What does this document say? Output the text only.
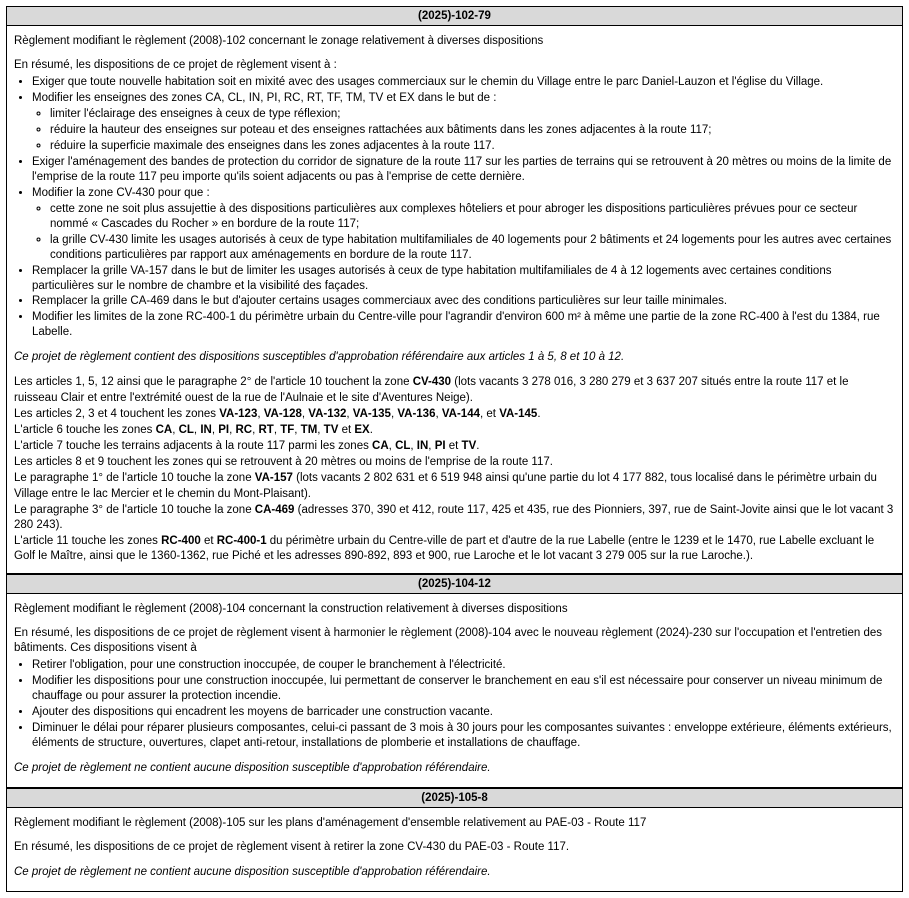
(2025)-102-79

Règlement modifiant le règlement (2008)-102 concernant le zonage relativement à diverses dispositions

En résumé, les dispositions de ce projet de règlement visent à :

• Exiger que toute nouvelle habitation soit en mixité avec des usages commerciaux sur le chemin du Village entre le parc Daniel-Lauzon et l'église du Village.
• Modifier les enseignes des zones CA, CL, IN, PI, RC, RT, TF, TM, TV et EX dans le but de :
◦ limiter l'éclairage des enseignes à ceux de type réflexion;
◦ réduire la hauteur des enseignes sur poteau et des enseignes rattachées aux bâtiments dans les zones adjacentes à la route 117;
◦ réduire la superficie maximale des enseignes dans les zones adjacentes à la route 117.
• Exiger l'aménagement des bandes de protection du corridor de signature de la route 117 sur les parties de terrains qui se retrouvent à 20 mètres ou moins de la limite de l'emprise de la route 117 peu importe qu'ils soient adjacents ou pas à l'emprise de cette dernière.
• Modifier la zone CV-430 pour que :
◦ cette zone ne soit plus assujettie à des dispositions particulières aux complexes hôteliers et pour abroger les dispositions particulières prévues pour ce secteur nommé « Cascades du Rocher » en bordure de la route 117;
◦ la grille CV-430 limite les usages autorisés à ceux de type habitation multifamiliales de 40 logements pour 2 bâtiments et 24 logements pour les autres avec certaines conditions particulières par rapport aux aménagements en bordure de la route 117.
• Remplacer la grille VA-157 dans le but de limiter les usages autorisés à ceux de type habitation multifamiliales de 4 à 12 logements avec certaines conditions particulières sur le nombre de chambre et la visibilité des façades.
• Remplacer la grille CA-469 dans le but d'ajouter certains usages commerciaux avec des conditions particulières sur leur taille minimales.
• Modifier les limites de la zone RC-400-1 du périmètre urbain du Centre-ville pour l'agrandir d'environ 600 m² à même une partie de la zone RC-400 à l'est du 1384, rue Labelle.

Ce projet de règlement contient des dispositions susceptibles d'approbation référendaire aux articles 1 à 5, 8 et 10 à 12.

Les articles 1, 5, 12 ainsi que le paragraphe 2° de l'article 10 touchent la zone CV-430 (lots vacants 3 278 016, 3 280 279 et 3 637 207 situés entre la route 117 et le ruisseau Clair et entre l'extrémité ouest de la rue de l'Aulnaie et le site d'Aventures Neige).

Les articles 2, 3 et 4 touchent les zones VA-123, VA-128, VA-132, VA-135, VA-136, VA-144, et VA-145.

L'article 6 touche les zones CA, CL, IN, PI, RC, RT, TF, TM, TV et EX.

L'article 7 touche les terrains adjacents à la route 117 parmi les zones CA, CL, IN, PI et TV.

Les articles 8 et 9 touchent les zones qui se retrouvent à 20 mètres ou moins de l'emprise de la route 117.

Le paragraphe 1° de l'article 10 touche la zone VA-157 (lots vacants 2 802 631 et 6 519 948 ainsi qu'une partie du lot 4 177 882, tous localisé dans le périmètre urbain du Village entre le lac Mercier et le chemin du Mont-Plaisant).

Le paragraphe 3° de l'article 10 touche la zone CA-469 (adresses 370, 390 et 412, route 117, 425 et 435, rue des Pionniers, 397, rue de Saint-Jovite ainsi que le lot vacant 3 280 243).

L'article 11 touche les zones RC-400 et RC-400-1 du périmètre urbain du Centre-ville de part et d'autre de la rue Labelle (entre le 1239 et le 1470, rue Labelle excluant le Golf le Maître, ainsi que le 1360-1362, rue Piché et les adresses 890-892, 893 et 900, rue Laroche et le lot vacant 3 279 005 sur la rue Laroche.).

(2025)-104-12

Règlement modifiant le règlement (2008)-104 concernant la construction relativement à diverses dispositions

En résumé, les dispositions de ce projet de règlement visent à harmonier le règlement (2008)-104 avec le nouveau règlement (2024)-230 sur l'occupation et l'entretien des bâtiments. Ces dispositions visent à

• Retirer l'obligation, pour une construction inoccupée, de couper le branchement à l'électricité.
• Modifier les dispositions pour une construction inoccupée, lui permettant de conserver le branchement en eau s'il est nécessaire pour conserver un niveau minimum de chauffage ou pour assurer la protection incendie.
• Ajouter des dispositions qui encadrent les moyens de barricader une construction vacante.
• Diminuer le délai pour réparer plusieurs composantes, celui-ci passant de 3 mois à 30 jours pour les composantes suivantes : enveloppe extérieure, éléments extérieurs, éléments de structure, ouvertures, clapet anti-retour, installations de plomberie et installations de chauffage.

Ce projet de règlement ne contient aucune disposition susceptible d'approbation référendaire.

(2025)-105-8

Règlement modifiant le règlement (2008)-105 sur les plans d'aménagement d'ensemble relativement au PAE-03 - Route 117

En résumé, les dispositions de ce projet de règlement visent à retirer la zone CV-430 du PAE-03 - Route 117.

Ce projet de règlement ne contient aucune disposition susceptible d'approbation référendaire.
